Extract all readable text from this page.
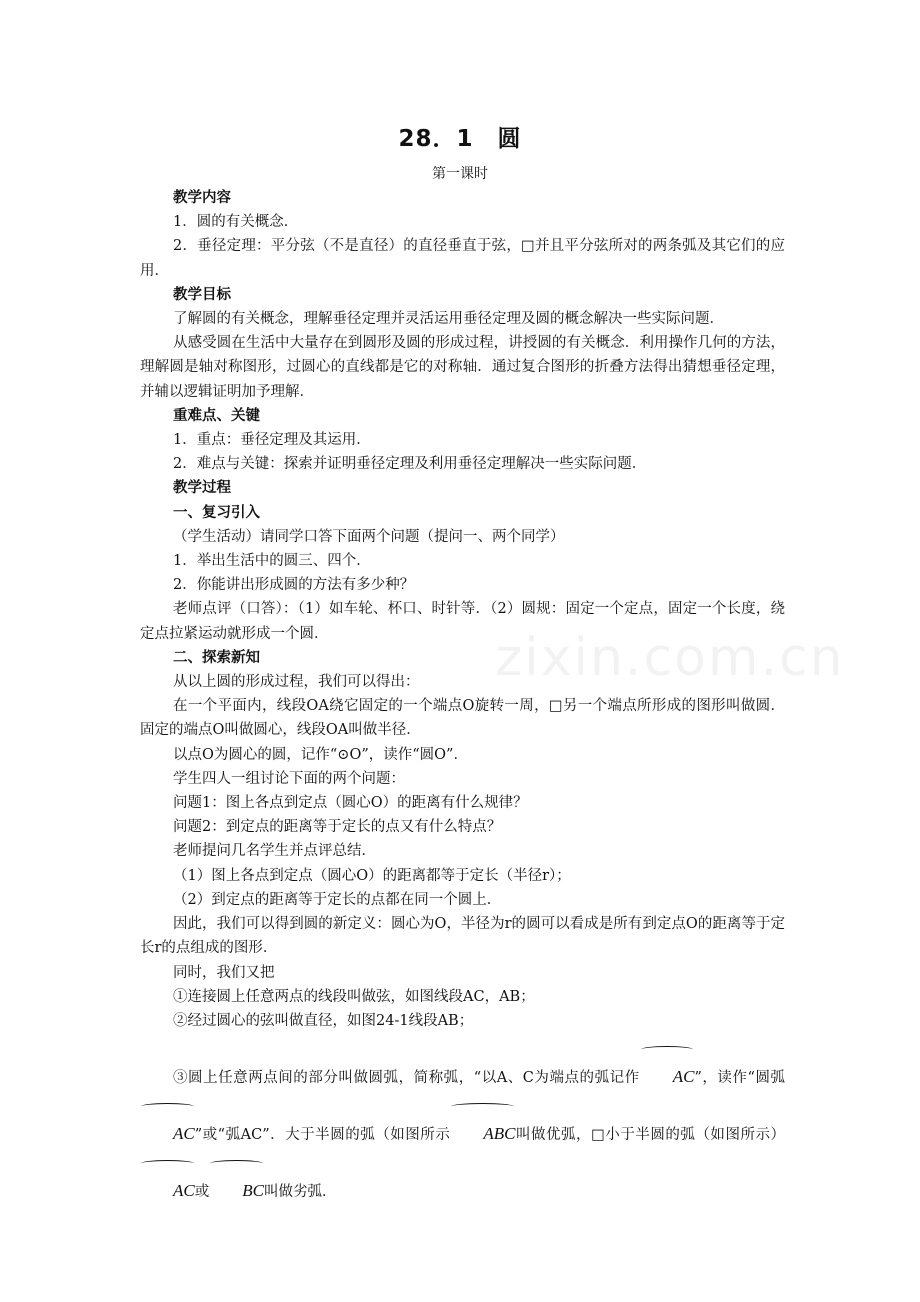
28．1　圆
第一课时

教学内容

1．圆的有关概念．

2．垂径定理：平分弦（不是直径）的直径垂直于弦，□并且平分弦所对的两条弧及其它们的应用．

教学目标

了解圆的有关概念，理解垂径定理并灵活运用垂径定理及圆的概念解决一些实际问题．

从感受圆在生活中大量存在到圆形及圆的形成过程，讲授圆的有关概念．利用操作几何的方法，理解圆是轴对称图形，过圆心的直线都是它的对称轴．通过复合图形的折叠方法得出猜想垂径定理，并辅以逻辑证明加予理解．

重难点、关键

1．重点：垂径定理及其运用．

2．难点与关键：探索并证明垂径定理及利用垂径定理解决一些实际问题．

教学过程

一、复习引入

（学生活动）请同学口答下面两个问题（提问一、两个同学）

1．举出生活中的圆三、四个．

2．你能讲出形成圆的方法有多少种？

老师点评（口答）：（1）如车轮、杯口、时针等．（2）圆规：固定一个定点，固定一个长度，绕定点拉紧运动就形成一个圆．

二、探索新知

从以上圆的形成过程，我们可以得出：

在一个平面内，线段OA绕它固定的一个端点O旋转一周，□另一个端点所形成的图形叫做圆．固定的端点O叫做圆心，线段OA叫做半径．

以点O为圆心的圆，记作“⊙O”，读作“圆O”．

学生四人一组讨论下面的两个问题：

问题1：图上各点到定点（圆心O）的距离有什么规律？

问题2：到定点的距离等于定长的点又有什么特点？

老师提问几名学生并点评总结．

（1）图上各点到定点（圆心O）的距离都等于定长（半径r）；

（2）到定点的距离等于定长的点都在同一个圆上．

因此，我们可以得到圆的新定义：圆心为O，半径为r的圆可以看成是所有到定点O的距离等于定长r的点组成的图形．

同时，我们又把

①连接圆上任意两点的线段叫做弦，如图线段AC，AB；

②经过圆心的弦叫做直径，如图24-1线段AB；

③圆上任意两点间的部分叫做圆弧，简称弧，“以A、C为端点的弧记作 AC”，读作“圆弧AC”或“弧AC”．大于半圆的弧（如图所示 ABC叫做优弧，□小于半圆的弧（如图所示）AC或 BC叫做劣弧．

zixin.com.cn
